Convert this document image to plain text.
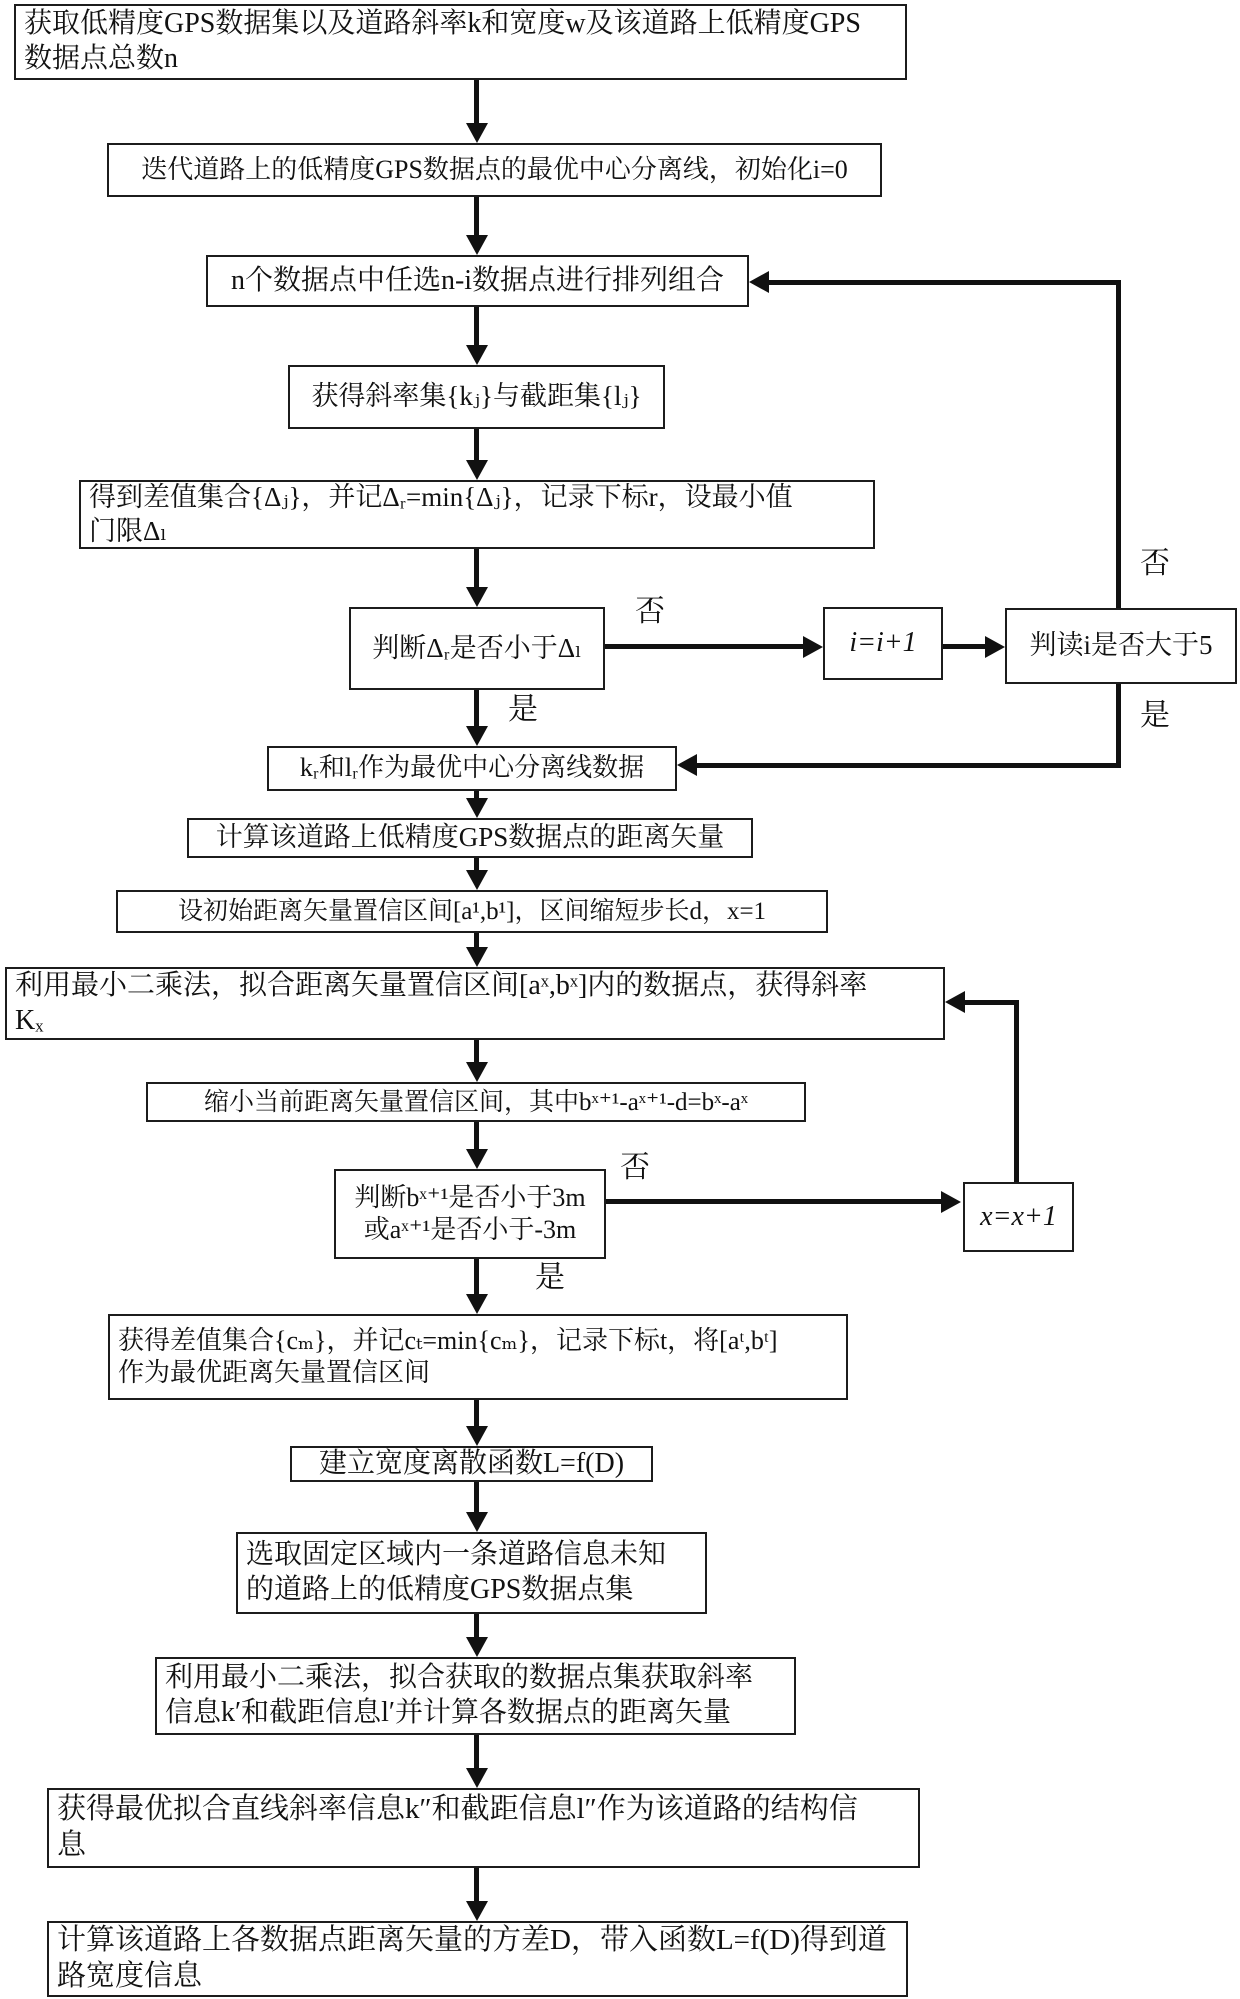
获取低精度GPS数据集以及道路斜率k和宽度w及该道路上低精度GPS
数据点总数n
迭代道路上的低精度GPS数据点的最优中心分离线，初始化i=0
n个数据点中任选n-i数据点进行排列组合
获得斜率集{kⱼ}与截距集{lⱼ}
得到差值集合{Δⱼ}，并记Δᵣ=min{Δⱼ}，记录下标r，设最小值
门限Δₗ
判断Δᵣ是否小于Δₗ	i=i+1	判读i是否大于5
kᵣ和lᵣ作为最优中心分离线数据
计算该道路上低精度GPS数据点的距离矢量
设初始距离矢量置信区间[a¹,b¹]，区间缩短步长d，x=1
利用最小二乘法，拟合距离矢量置信区间[aˣ,bˣ]内的数据点，获得斜率
Kₓ
缩小当前距离矢量置信区间，其中bˣ⁺¹-aˣ⁺¹-d=bˣ-aˣ
判断bˣ⁺¹是否小于3m
或aˣ⁺¹是否小于-3m	x=x+1
获得差值集合{cₘ}，并记cₜ=min{cₘ}，记录下标t，将[aᵗ,bᵗ]
作为最优距离矢量置信区间
建立宽度离散函数L=f(D)
选取固定区域内一条道路信息未知
的道路上的低精度GPS数据点集
利用最小二乘法，拟合获取的数据点集获取斜率
信息k′和截距信息l′并计算各数据点的距离矢量
获得最优拟合直线斜率信息k″和截距信息l″作为该道路的结构信
息
计算该道路上各数据点距离矢量的方差D，带入函数L=f(D)得到道
路宽度信息
否
是
否
是
否
是
